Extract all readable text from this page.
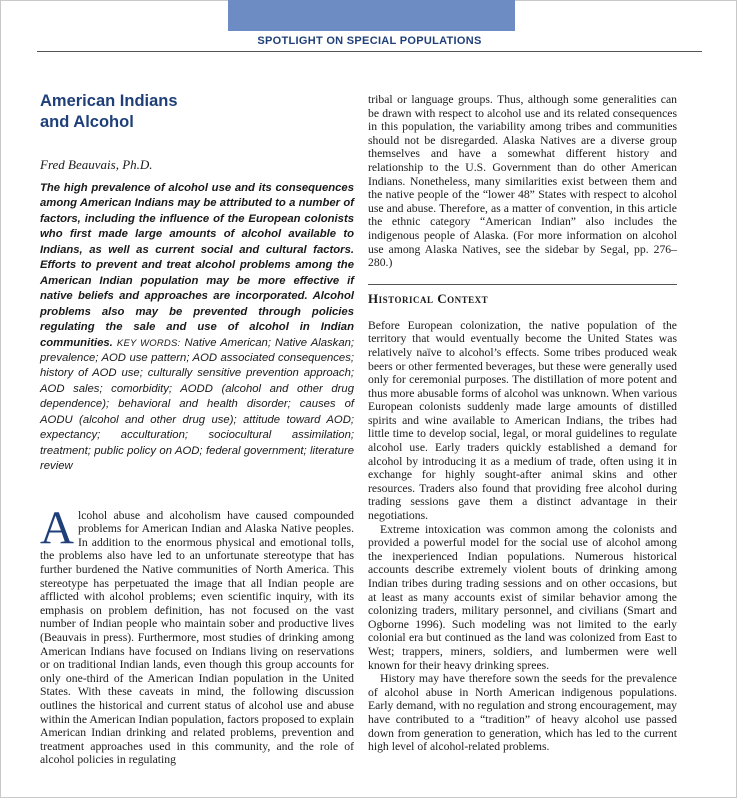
SPOTLIGHT ON SPECIAL POPULATIONS
American Indians
and Alcohol
Fred Beauvais, Ph.D.
The high prevalence of alcohol use and its consequences among American Indians may be attributed to a number of factors, including the influence of the European colonists who first made large amounts of alcohol available to Indians, as well as current social and cultural factors. Efforts to prevent and treat alcohol problems among the American Indian population may be more effective if native beliefs and approaches are incorporated. Alcohol problems also may be prevented through policies regulating the sale and use of alcohol in Indian communities. KEY WORDS: Native American; Native Alaskan; prevalence; AOD use pattern; AOD associated consequences; history of AOD use; culturally sensitive prevention approach; AOD sales; comorbidity; AODD (alcohol and other drug dependence); behavioral and health disorder; causes of AODU (alcohol and other drug use); attitude toward AOD; expectancy; acculturation; sociocultural assimilation; treatment; public policy on AOD; federal government; literature review
A lcohol abuse and alcoholism have caused compounded problems for American Indian and Alaska Native peoples. In addition to the enormous physical and emotional tolls, the problems also have led to an unfortunate stereotype that has further burdened the Native communities of North America. This stereotype has perpetuated the image that all Indian people are afflicted with alcohol problems; even scientific inquiry, with its emphasis on problem definition, has not focused on the vast number of Indian people who maintain sober and productive lives (Beauvais in press). Furthermore, most studies of drinking among American Indians have focused on Indians living on reservations or on traditional Indian lands, even though this group accounts for only one-third of the American Indian population in the United States. With these caveats in mind, the following discussion outlines the historical and current status of alcohol use and abuse within the American Indian population, factors proposed to explain American Indian drinking and related problems, prevention and treatment approaches used in this community, and the role of alcohol policies in regulating

tribal or language groups. Thus, although some generalities can be drawn with respect to alcohol use and its related consequences in this population, the variability among tribes and communities should not be disregarded. Alaska Natives are a diverse group themselves and have a somewhat different history and relationship to the U.S. Government than do other American Indians. Nonetheless, many similarities exist between them and the native people of the “lower 48” States with respect to alcohol use and abuse. Therefore, as a matter of convention, in this article the ethnic category “American Indian” also includes the indigenous people of Alaska. (For more information on alcohol use among Alaska Natives, see the sidebar by Segal, pp. 276–280.)

Historical Context

Before European colonization, the native population of the territory that would eventually become the United States was relatively naïve to alcohol’s effects. Some tribes produced weak beers or other fermented beverages, but these were generally used only for ceremonial purposes. The distillation of more potent and thus more abusable forms of alcohol was unknown. When various European colonists suddenly made large amounts of distilled spirits and wine available to American Indians, the tribes had little time to develop social, legal, or moral guidelines to regulate alcohol use. Early traders quickly established a demand for alcohol by introducing it as a medium of trade, often using it in exchange for highly sought-after animal skins and other resources. Traders also found that providing free alcohol during trading sessions gave them a distinct advantage in their negotiations.

Extreme intoxication was common among the colonists and provided a powerful model for the social use of alcohol among the inexperienced Indian populations. Numerous historical accounts describe extremely violent bouts of drinking among Indian tribes during trading sessions and on other occasions, but at least as many accounts exist of similar behavior among the colonizing traders, military personnel, and civilians (Smart and Ogborne 1996). Such modeling was not limited to the early colonial era but continued as the land was colonized from East to West; trappers, miners, soldiers, and lumbermen were well known for their heavy drinking sprees.

History may have therefore sown the seeds for the prevalence of alcohol abuse in North American indigenous populations. Early demand, with no regulation and strong encouragement, may have contributed to a “tradition” of heavy alcohol use passed down from generation to generation, which has led to the current high level of alcohol-related problems.
